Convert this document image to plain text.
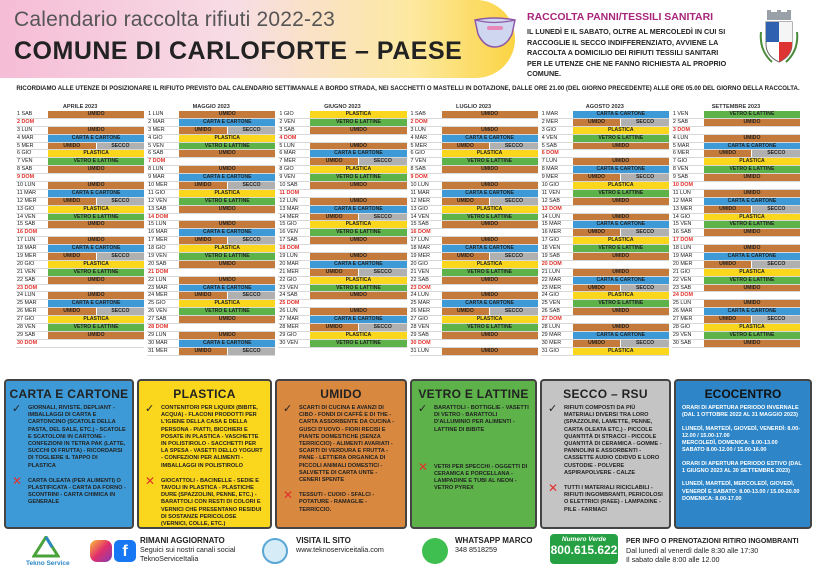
Calendario raccolta rifiuti 2022-23
COMUNE DI CARLOFORTE – PAESE
RACCOLTA PANNI/TESSILI SANITARI
IL LUNEDÌ E IL SABATO, OLTRE AL MERCOLEDÌ IN CUI SI RACCOGLIE IL SECCO INDIFFERENZIATO, AVVIENE LA RACCOLTA A DOMICILIO DEI RIFIUTI TESSILI SANITARI PER LE UTENZE CHE NE FANNO RICHIESTA AL PROPRIO COMUNE.
RICORDIAMO ALLE UTENZE DI POSIZIONARE IL RIFIUTO PREVISTO DAL CALENDARIO SETTIMANALE A BORDO STRADA, NEI SACCHETTI O MASTELLI IN DOTAZIONE, DALLE ORE 21.00 (DEL GIORNO PRECEDENTE) ALLE ORE 05.00 DEL GIORNO DELLA RACCOLTA.
APRILE 2023
1 SAB	UMIDO
2 DOM
3 LUN	UMIDO
4 MAR	CARTA E CARTONE
5 MER	UMIDO	SECCO
6 GIO	PLASTICA
7 VEN	VETRO E LATTINE
8 SAB	UMIDO
9 DOM
10 LUN	UMIDO
11 MAR	CARTA E CARTONE
12 MER	UMIDO	SECCO
13 GIO	PLASTICA
14 VEN	VETRO E LATTINE
15 SAB	UMIDO
16 DOM
17 LUN	UMIDO
18 MAR	CARTA E CARTONE
19 MER	UMIDO	SECCO
20 GIO	PLASTICA
21 VEN	VETRO E LATTINE
22 SAB	UMIDO
23 DOM
24 LUN	UMIDO
25 MAR	CARTA E CARTONE
26 MER	UMIDO	SECCO
27 GIO	PLASTICA
28 VEN	VETRO E LATTINE
29 SAB	UMIDO
30 DOM
MAGGIO 2023
1 LUN	UMIDO
2 MAR	CARTA E CARTONE
3 MER	UMIDO	SECCO
4 GIO	PLASTICA
5 VEN	VETRO E LATTINE
6 SAB	UMIDO
7 DOM
8 LUN	UMIDO
9 MAR	CARTA E CARTONE
10 MER	UMIDO	SECCO
11 GIO	PLASTICA
12 VEN	VETRO E LATTINE
13 SAB	UMIDO
14 DOM
15 LUN	UMIDO
16 MAR	CARTA E CARTONE
17 MER	UMIDO	SECCO
18 GIO	PLASTICA
19 VEN	VETRO E LATTINE
20 SAB	UMIDO
21 DOM
22 LUN	UMIDO
23 MAR	CARTA E CARTONE
24 MER	UMIDO	SECCO
25 GIO	PLASTICA
26 VEN	VETRO E LATTINE
27 SAB	UMIDO
28 DOM
29 LUN	UMIDO
30 MAR	CARTA E CARTONE
31 MER	UMIDO	SECCO
GIUGNO 2023
1 GIO	PLASTICA
2 VEN	VETRO E LATTINE
3 SAB	UMIDO
4 DOM
5 LUN	UMIDO
6 MAR	CARTA E CARTONE
7 MER	UMIDO	SECCO
8 GIO	PLASTICA
9 VEN	VETRO E LATTINE
10 SAB	UMIDO
11 DOM
12 LUN	UMIDO
13 MAR	CARTA E CARTONE
14 MER	UMIDO	SECCO
15 GIO	PLASTICA
16 VEN	VETRO E LATTINE
17 SAB	UMIDO
18 DOM
19 LUN	UMIDO
20 MAR	CARTA E CARTONE
21 MER	UMIDO	SECCO
22 GIO	PLASTICA
23 VEN	VETRO E LATTINE
24 SAB	UMIDO
25 DOM
26 LUN	UMIDO
27 MAR	CARTA E CARTONE
28 MER	UMIDO	SECCO
29 GIO	PLASTICA
30 VEN	VETRO E LATTINE
LUGLIO 2023
1 SAB	UMIDO
2 DOM
3 LUN	UMIDO
4 MAR	CARTA E CARTONE
5 MER	UMIDO	SECCO
6 GIO	PLASTICA
7 VEN	VETRO E LATTINE
8 SAB	UMIDO
9 DOM
10 LUN	UMIDO
11 MAR	CARTA E CARTONE
12 MER	UMIDO	SECCO
13 GIO	PLASTICA
14 VEN	VETRO E LATTINE
15 SAB	UMIDO
16 DOM
17 LUN	UMIDO
18 MAR	CARTA E CARTONE
19 MER	UMIDO	SECCO
20 GIO	PLASTICA
21 VEN	VETRO E LATTINE
22 SAB	UMIDO
23 DOM
24 LUN	UMIDO
25 MAR	CARTA E CARTONE
26 MER	UMIDO	SECCO
27 GIO	PLASTICA
28 VEN	VETRO E LATTINE
29 SAB	UMIDO
30 DOM
31 LUN	UMIDO
AGOSTO 2023
1 MAR	CARTA E CARTONE
2 MER	UMIDO	SECCO
3 GIO	PLASTICA
4 VEN	VETRO E LATTINE
5 SAB	UMIDO
6 DOM
7 LUN	UMIDO
8 MAR	CARTA E CARTONE
9 MER	UMIDO	SECCO
10 GIO	PLASTICA
11 VEN	VETRO E LATTINE
12 SAB	UMIDO
13 DOM
14 LUN	UMIDO
15 MAR	CARTA E CARTONE
16 MER	UMIDO	SECCO
17 GIO	PLASTICA
18 VEN	VETRO E LATTINE
19 SAB	UMIDO
20 DOM
21 LUN	UMIDO
22 MAR	CARTA E CARTONE
23 MER	UMIDO	SECCO
24 GIO	PLASTICA
25 VEN	VETRO E LATTINE
26 SAB	UMIDO
27 DOM
28 LUN	UMIDO
29 MAR	CARTA E CARTONE
30 MER	UMIDO	SECCO
31 GIO	PLASTICA
SETTEMBRE 2023
1 VEN	VETRO E LATTINE
2 SAB	UMIDO
3 DOM
4 LUN	UMIDO
5 MAR	CARTA E CARTONE
6 MER	UMIDO	SECCO
7 GIO	PLASTICA
8 VEN	VETRO E LATTINE
9 SAB	UMIDO
10 DOM
11 LUN	UMIDO
12 MAR	CARTA E CARTONE
13 MER	UMIDO	SECCO
14 GIO	PLASTICA
15 VEN	VETRO E LATTINE
16 SAB	UMIDO
17 DOM
18 LUN	UMIDO
19 MAR	CARTA E CARTONE
20 MER	UMIDO	SECCO
21 GIO	PLASTICA
22 VEN	VETRO E LATTINE
23 SAB	UMIDO
24 DOM
25 LUN	UMIDO
26 MAR	CARTA E CARTONE
27 MER	UMIDO	SECCO
28 GIO	PLASTICA
29 VEN	VETRO E LATTINE
30 SAB	UMIDO
CARTA E CARTONE
✓ GIORNALI, RIVISTE, DEPLIANT - IMBALLAGGI DI CARTA E CARTONCINO (SCATOLE DELLA PASTA, DEL SALE, ETC.) - SCATOLE E SCATOLONI IN CARTONE - CONFEZIONI IN TETRA PAK (LATTE, SUCCHI DI FRUTTA) - RICORDARSI DI TOGLIERE IL TAPPO DI PLASTICA
✕ CARTA OLEATA (PER ALIMENTI) O PLASTIFICATA - CARTA DA FORNO - SCONTRINI - CARTA CHIMICA IN GENERALE
PLASTICA
✓ CONTENITORI PER LIQUIDI (BIBITE, ACQUA) - FLACONI PRODOTTI PER L'IGIENE DELLA CASA E DELLA PERSONA - PIATTI, BICCHIERI E POSATE IN PLASTICA - VASCHETTE IN POLISTIROLO - SACCHETTI PER LA SPESA - VASETTI DELLO YOGURT - CONFEZIONI PER ALIMENTI - IMBALLAGGI IN POLISTIROLO
✕ GIOCATTOLI - BACINELLE - SEDIE E TAVOLI IN PLASTICA - PLASTICHE DURE (SPAZZOLINI, PENNE, ETC.) - BARATTOLI CON RESTI DI COLORI E VERNICI CHE PRESENTANO RESIDUI DI SOSTANZE PERICOLOSE (VERNICI, COLLE, ETC.)
UMIDO
✓ SCARTI DI CUCINA E AVANZI DI CIBO - FONDI DI CAFFÈ E DI THE - CARTA ASSORBENTE DA CUCINA - GUSCI D'UOVO - FIORI RECISI E PIANTE DOMESTICHE (SENZA TERRICCIO) - ALIMENTI AVARIATI - SCARTI DI VERDURA E FRUTTA - PANE - LETTIERA ORGANICA DI PICCOLI ANIMALI DOMESTICI - SALVIETTE DI CARTA UNTE - CENERI SPENTE
✕ TESSUTI - CUOIO - SFALCI - POTATURE - RAMAGLIE - TERRICCIO.
VETRO E LATTINE
✓ BARATTOLI - BOTTIGLIE - VASETTI DI VETRO - BARATTOLI D'ALLUMINIO PER ALIMENTI - LATTINE DI BIBITE
✕ VETRI PER SPECCHI - OGGETTI DI CERAMICA E PORCELLANA - LAMPADINE E TUBI AL NEON - VETRO PYREX
SECCO – RSU
✓ RIFIUTI COMPOSTI DA PIÙ MATERIALI DIVERSI TRA LORO (SPAZZOLINI, LAMETTE, PENNE, CARTA OLEATA ETC.) - PICCOLE QUANTITÀ DI STRACCI - PICCOLE QUANTITÀ DI CERAMICA - GOMME - PANNOLINI E ASSORBENTI - CASSETTE AUDIO CD/DVD E LORO CUSTODIE - POLVERE ASPIRAPOLVERE - CALZE
✕ TUTTI I MATERIALI RICICLABILI - RIFIUTI INGOMBRANTI, PERICOLOSI O ELETTRICI (RAEE) - LAMPADINE - PILE - FARMACI
ECOCENTRO
ORARI DI APERTURA PERIODO INVERNALE (DAL 1 OTTOBRE 2022 AL 31 MAGGIO 2023)
LUNEDÌ, MARTEDÌ, GIOVEDÌ, VENERDÌ: 8.00-12.00 / 15.00-17.00
MERCOLEDÌ, DOMENICA: 8.00-13.00
SABATO 8.00-12.00 / 15.00-16.00
ORARI DI APERTURA PERIODO ESTIVO (DAL 1 GIUGNO 2023 AL 30 SETTEMBRE 2023)
LUNEDÌ, MARTEDÌ, MERCOLEDÌ, GIOVEDÌ, VENERDÌ E SABATO: 8.00-13.00 / 15.00-20.00
DOMENICA: 8.00-17.00
Tekno Service
f
RIMANI AGGIORNATO
Seguici sui nostri canali social
TeknoServiceItalia
VISITA IL SITO
www.teknoserviceitalia.com
WHATSAPP MARCO
348 8518259
Numero Verde
800.615.622
PER INFO O PRENOTAZIONI RITIRO INGOMBRANTI
Dal lunedì al venerdì dalle 8:30 alle 17:30
Il sabato dalle 8:00 alle 12.00
